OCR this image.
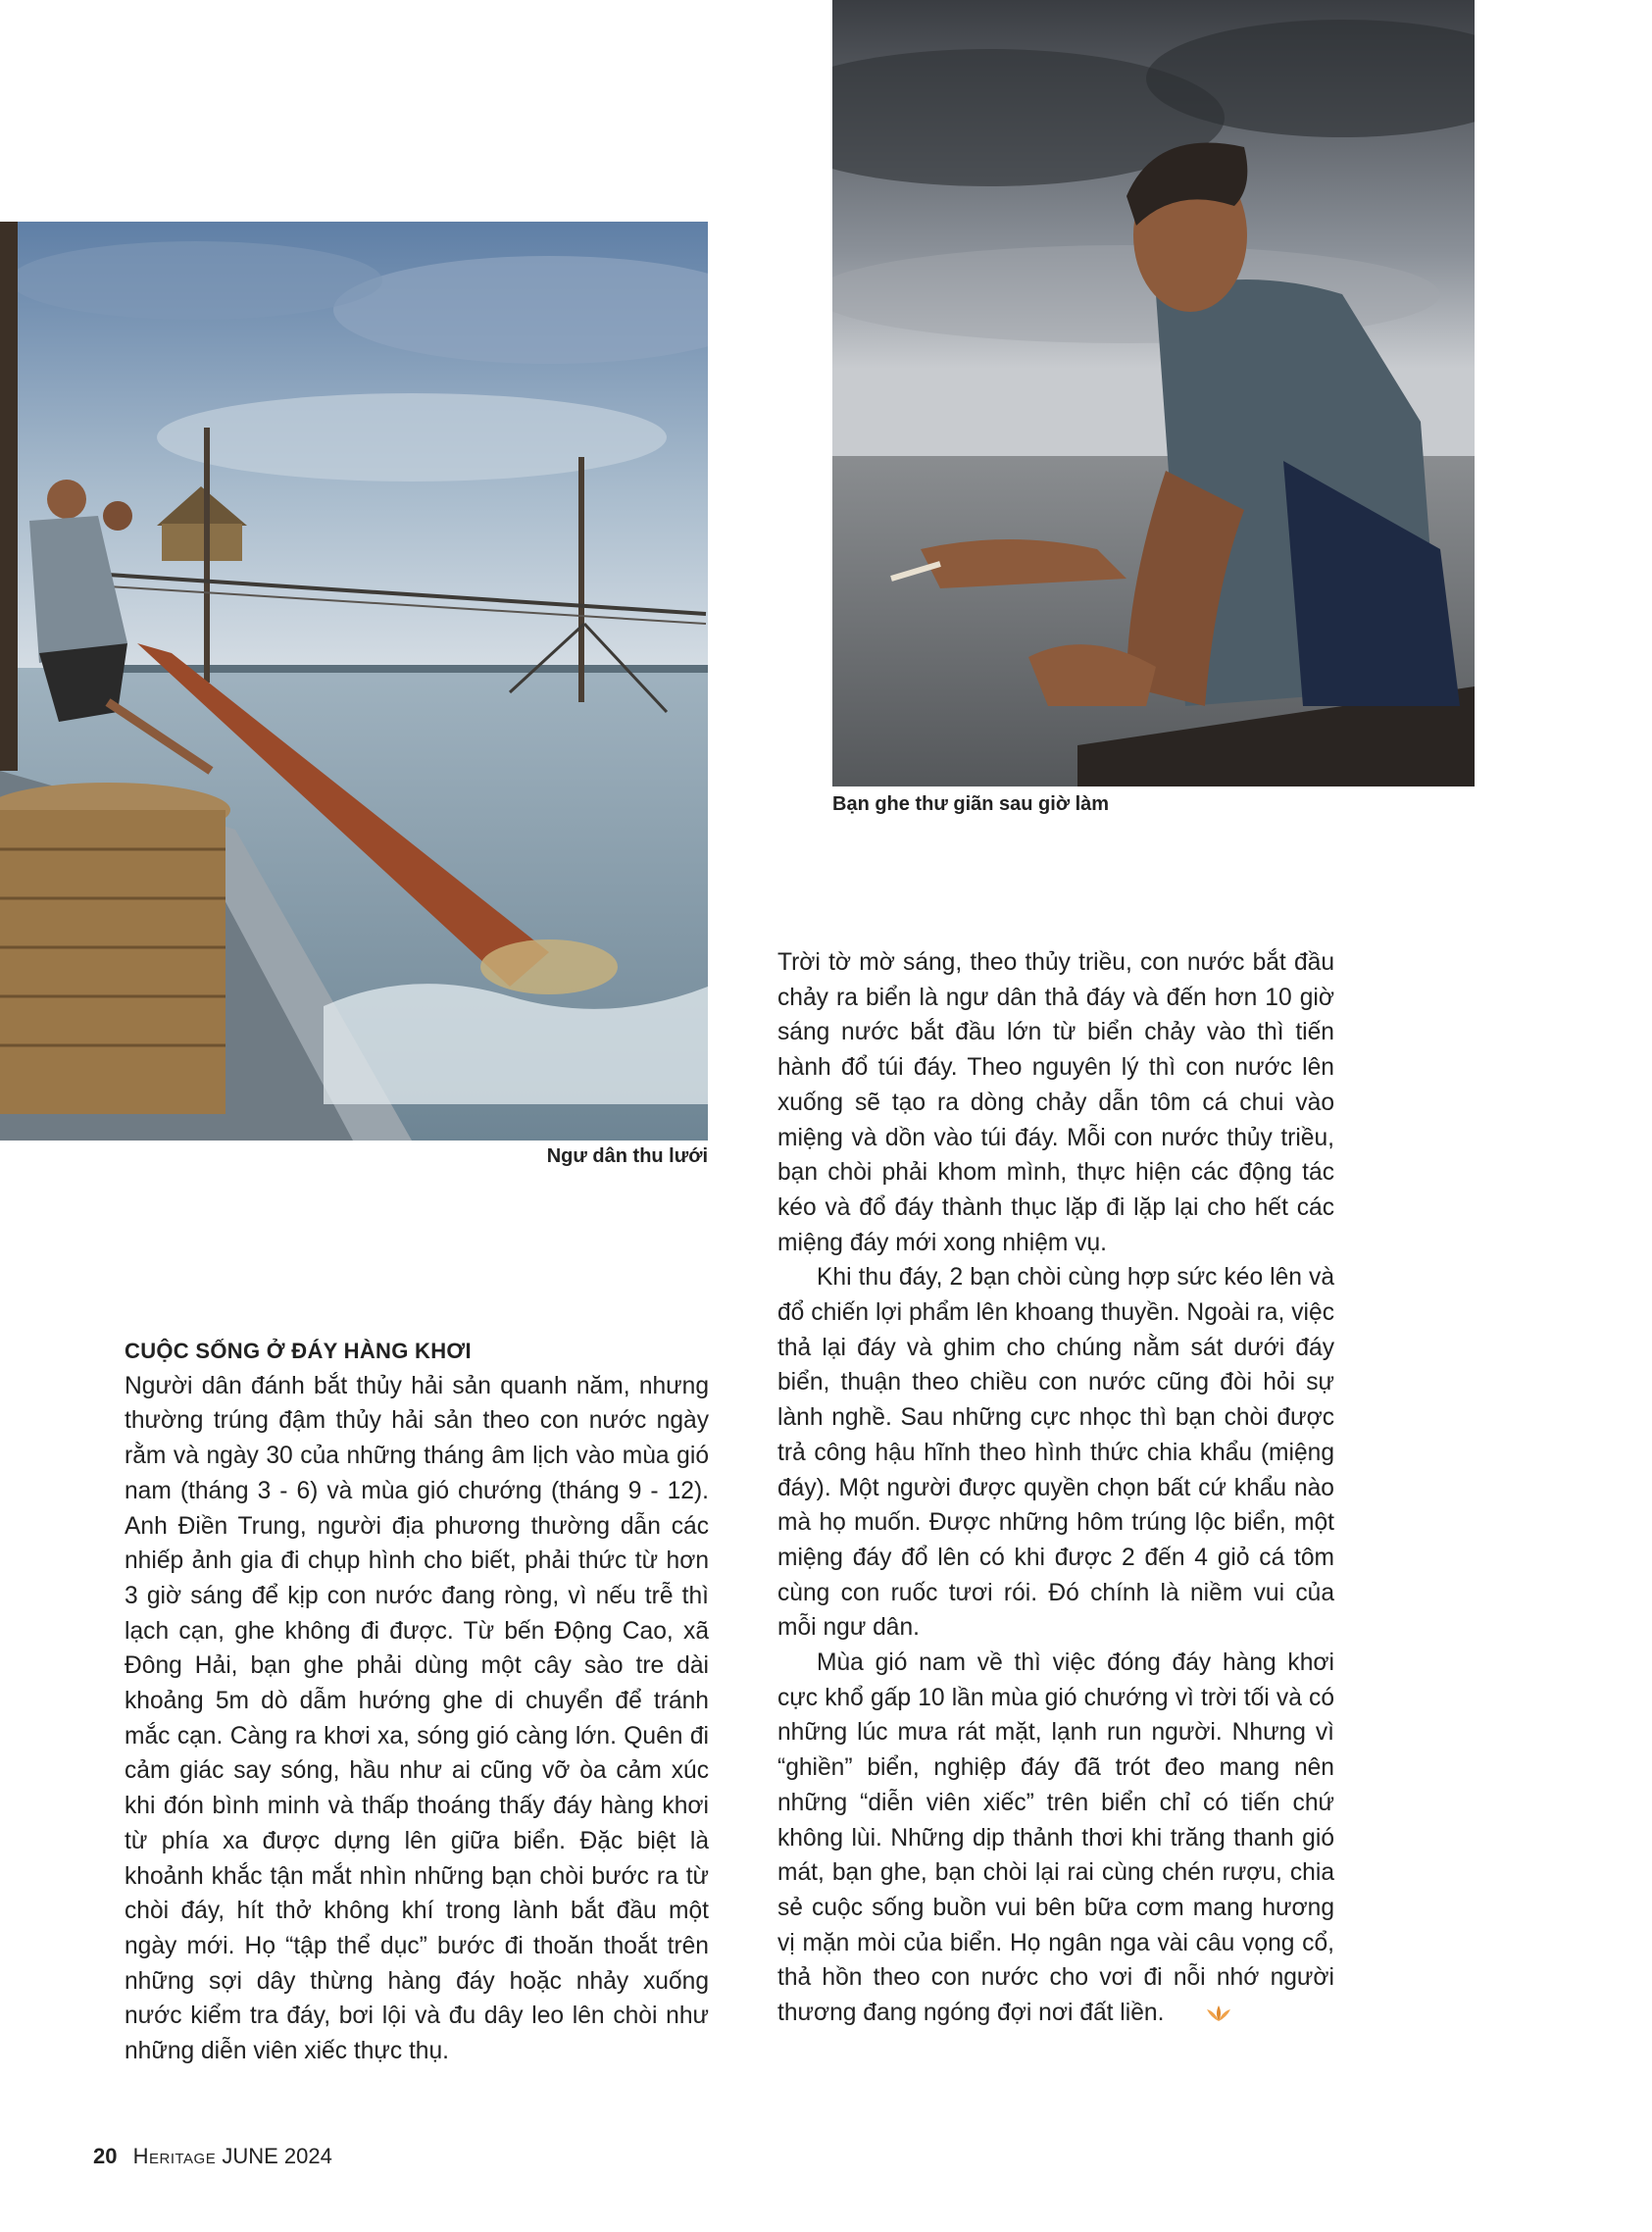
Ngư dân thu lưới
Bạn ghe thư giãn sau giờ làm
CUỘC SỐNG Ở ĐÁY HÀNG KHƠI

Người dân đánh bắt thủy hải sản quanh năm, nhưng thường trúng đậm thủy hải sản theo con nước ngày rằm và ngày 30 của những tháng âm lịch vào mùa gió nam (tháng 3 - 6) và mùa gió chướng (tháng 9 - 12). Anh Điền Trung, người địa phương thường dẫn các nhiếp ảnh gia đi chụp hình cho biết, phải thức từ hơn 3 giờ sáng để kịp con nước đang ròng, vì nếu trễ thì lạch cạn, ghe không đi được. Từ bến Động Cao, xã Đông Hải, bạn ghe phải dùng một cây sào tre dài khoảng 5m dò dẫm hướng ghe di chuyển để tránh mắc cạn. Càng ra khơi xa, sóng gió càng lớn. Quên đi cảm giác say sóng, hầu như ai cũng vỡ òa cảm xúc khi đón bình minh và thấp thoáng thấy đáy hàng khơi từ phía xa được dựng lên giữa biển. Đặc biệt là khoảnh khắc tận mắt nhìn những bạn chòi bước ra từ chòi đáy, hít thở không khí trong lành bắt đầu một ngày mới. Họ “tập thể dục” bước đi thoăn thoắt trên những sợi dây thừng hàng đáy hoặc nhảy xuống nước kiểm tra đáy, bơi lội và đu dây leo lên chòi như những diễn viên xiếc thực thụ.

Trời tờ mờ sáng, theo thủy triều, con nước bắt đầu chảy ra biển là ngư dân thả đáy và đến hơn 10 giờ sáng nước bắt đầu lớn từ biển chảy vào thì tiến hành đổ túi đáy. Theo nguyên lý thì con nước lên xuống sẽ tạo ra dòng chảy dẫn tôm cá chui vào miệng và dồn vào túi đáy. Mỗi con nước thủy triều, bạn chòi phải khom mình, thực hiện các động tác kéo và đổ đáy thành thục lặp đi lặp lại cho hết các miệng đáy mới xong nhiệm vụ.

Khi thu đáy, 2 bạn chòi cùng hợp sức kéo lên và đổ chiến lợi phẩm lên khoang thuyền. Ngoài ra, việc thả lại đáy và ghim cho chúng nằm sát dưới đáy biển, thuận theo chiều con nước cũng đòi hỏi sự lành nghề. Sau những cực nhọc thì bạn chòi được trả công hậu hĩnh theo hình thức chia khẩu (miệng đáy). Một người được quyền chọn bất cứ khẩu nào mà họ muốn. Được những hôm trúng lộc biển, một miệng đáy đổ lên có khi được 2 đến 4 giỏ cá tôm cùng con ruốc tươi rói. Đó chính là niềm vui của mỗi ngư dân.

Mùa gió nam về thì việc đóng đáy hàng khơi cực khổ gấp 10 lần mùa gió chướng vì trời tối và có những lúc mưa rát mặt, lạnh run người. Nhưng vì “ghiền” biển, nghiệp đáy đã trót đeo mang nên những “diễn viên xiếc” trên biển chỉ có tiến chứ không lùi. Những dịp thảnh thơi khi trăng thanh gió mát, bạn ghe, bạn chòi lại rai cùng chén rượu, chia sẻ cuộc sống buồn vui bên bữa cơm mang hương vị mặn mòi của biển. Họ ngân nga vài câu vọng cổ, thả hồn theo con nước cho vơi đi nỗi nhớ người thương đang ngóng đợi nơi đất liền.

20 Heritage JUNE 2024
